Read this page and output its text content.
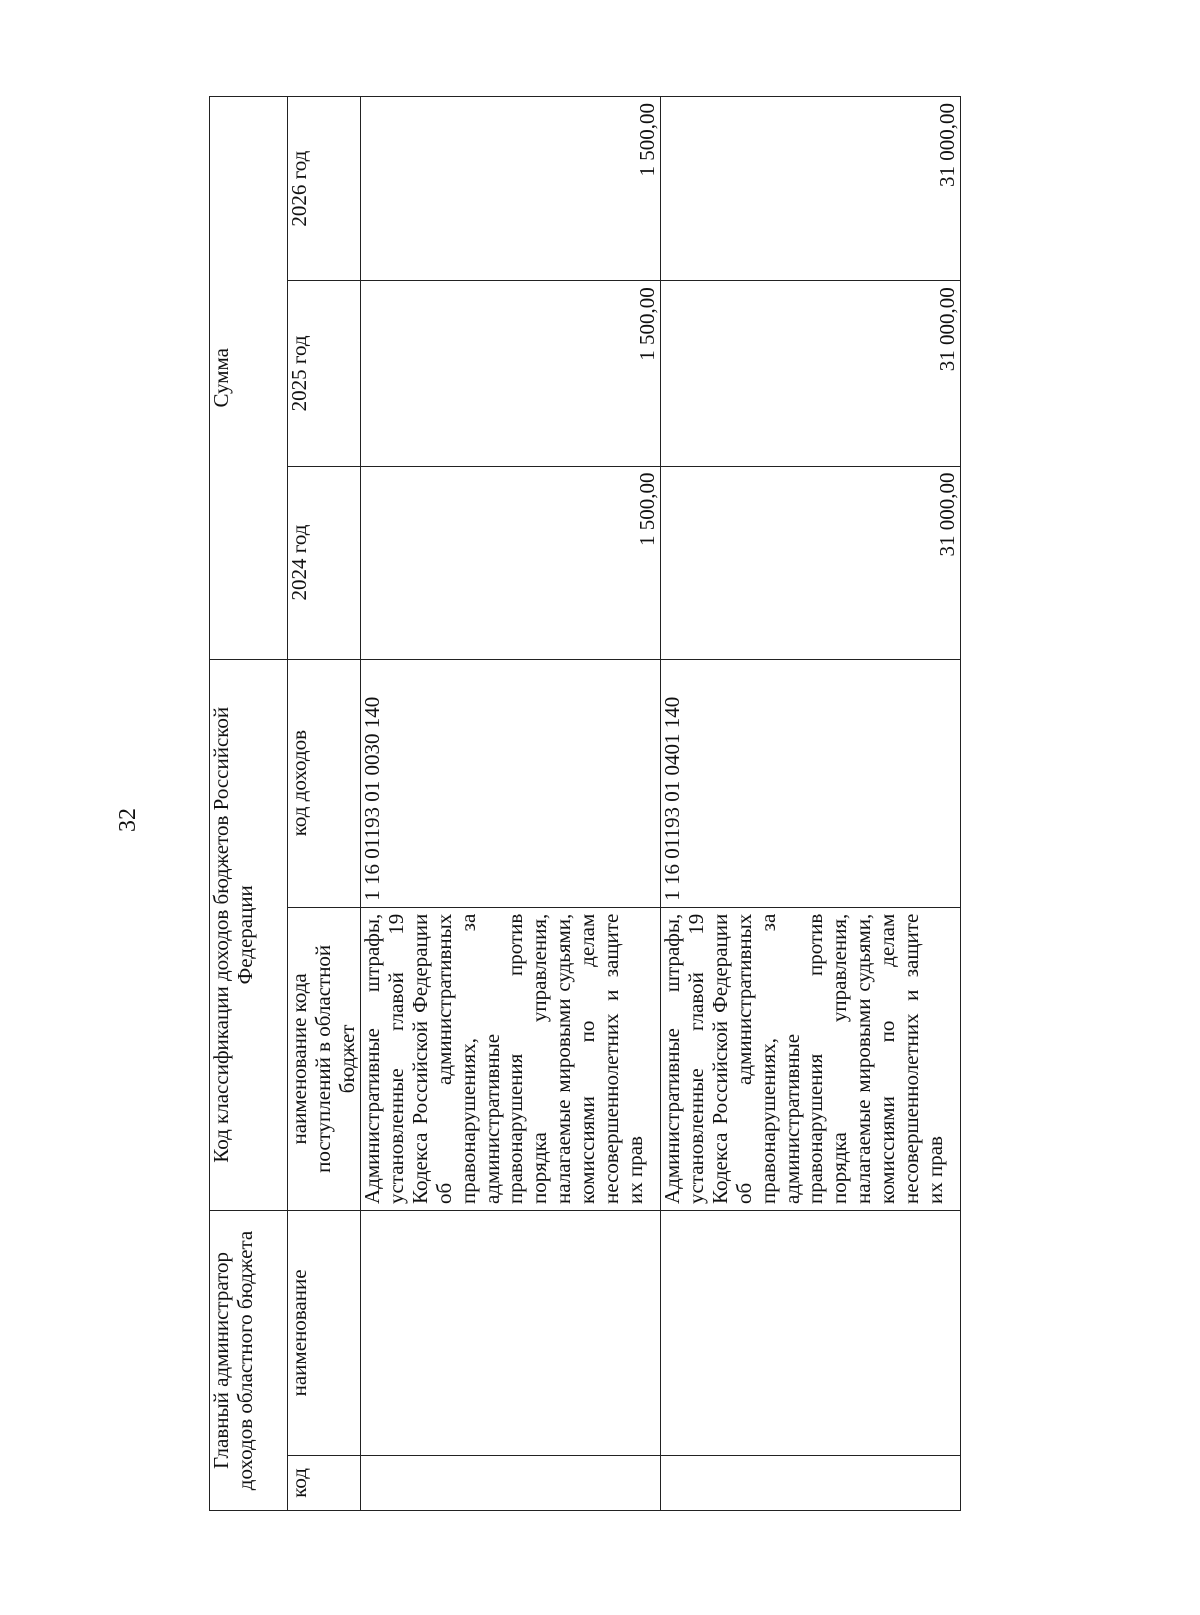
32
Главный администратор доходов областного бюджета		Код классификации доходов бюджетов Российской Федерации		Сумма		
код	наименование	наименование кода поступлений в областной бюджет	код доходов	2024 год	2025 год	2026 год
		Административные штрафы, установленные главой 19 Кодекса Российской Федерации об административных правонарушениях, за административные правонарушения против порядка управления, налагаемые мировыми судьями, комиссиями по делам несовершеннолетних и защите их прав	1 16 01193 01 0030 140	1 500,00	1 500,00	1 500,00
		Административные штрафы, установленные главой 19 Кодекса Российской Федерации об административных правонарушениях, за административные правонарушения против порядка управления, налагаемые мировыми судьями, комиссиями по делам несовершеннолетних и защите их прав	1 16 01193 01 0401 140	31 000,00	31 000,00	31 000,00
